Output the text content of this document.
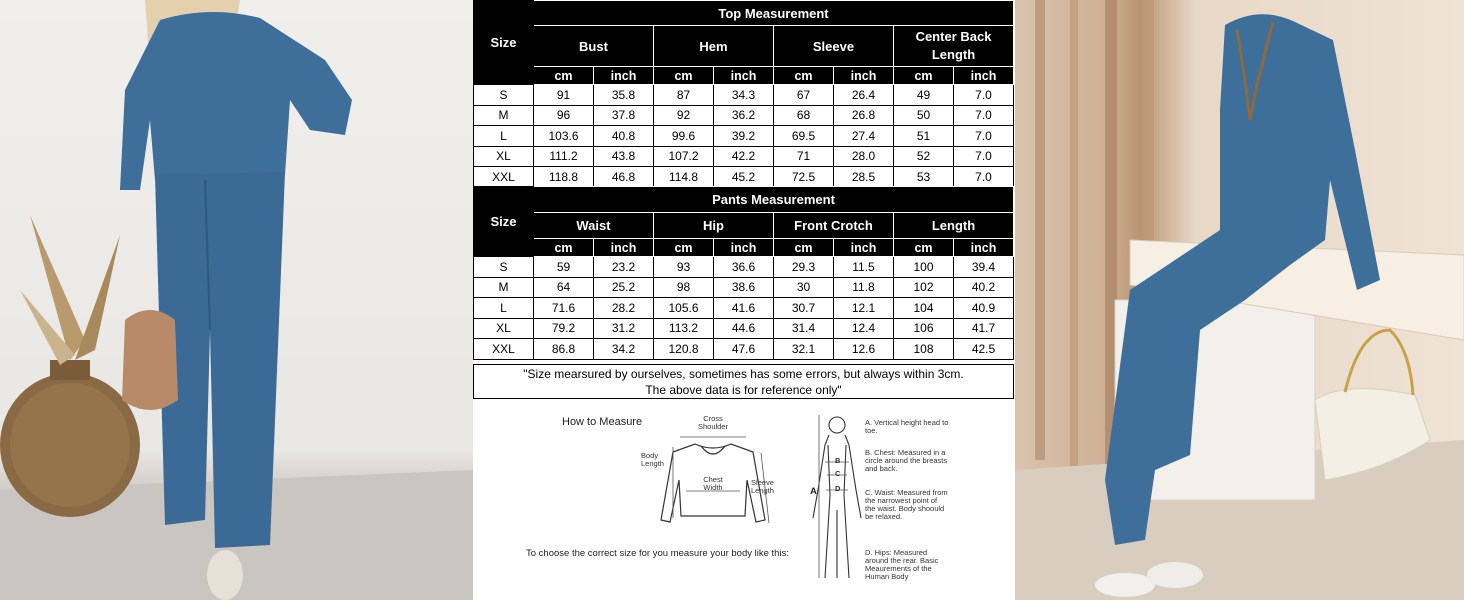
Size	Top Measurement							
	Bust		Hem		Sleeve		Center Back Length	
	cm	inch	cm	inch	cm	inch	cm	inch
S	91	35.8	87	34.3	67	26.4	49	7.0
M	96	37.8	92	36.2	68	26.8	50	7.0
L	103.6	40.8	99.6	39.2	69.5	27.4	51	7.0
XL	111.2	43.8	107.2	42.2	71	28.0	52	7.0
XXL	118.8	46.8	114.8	45.2	72.5	28.5	53	7.0
Size	Pants Measurement							
	Waist		Hip		Front Crotch		Length	
	cm	inch	cm	inch	cm	inch	cm	inch
S	59	23.2	93	36.6	29.3	11.5	100	39.4
M	64	25.2	98	38.6	30	11.8	102	40.2
L	71.6	28.2	105.6	41.6	30.7	12.1	104	40.9
XL	79.2	31.2	113.2	44.6	31.4	12.4	106	41.7
XXL	86.8	34.2	120.8	47.6	32.1	12.6	108	42.5
"Size mearsured by ourselves, sometimes has some errors, but always within 3cm.
The above data is for reference only"
How to Measure	Cross Shoulder
Body Length
Chest Width
Sleeve Length	A
B
C
D
A. Vertical height head to toe.
B. Chest: Measured in a circle around the breasts and back.
C. Waist: Measured from the narrowest point of the waist. Body shoould be relaxed.
D. Hips: Measured around the rear. Basic Meaurements of the Human Body
To choose the correct size for you measure your body like this:
